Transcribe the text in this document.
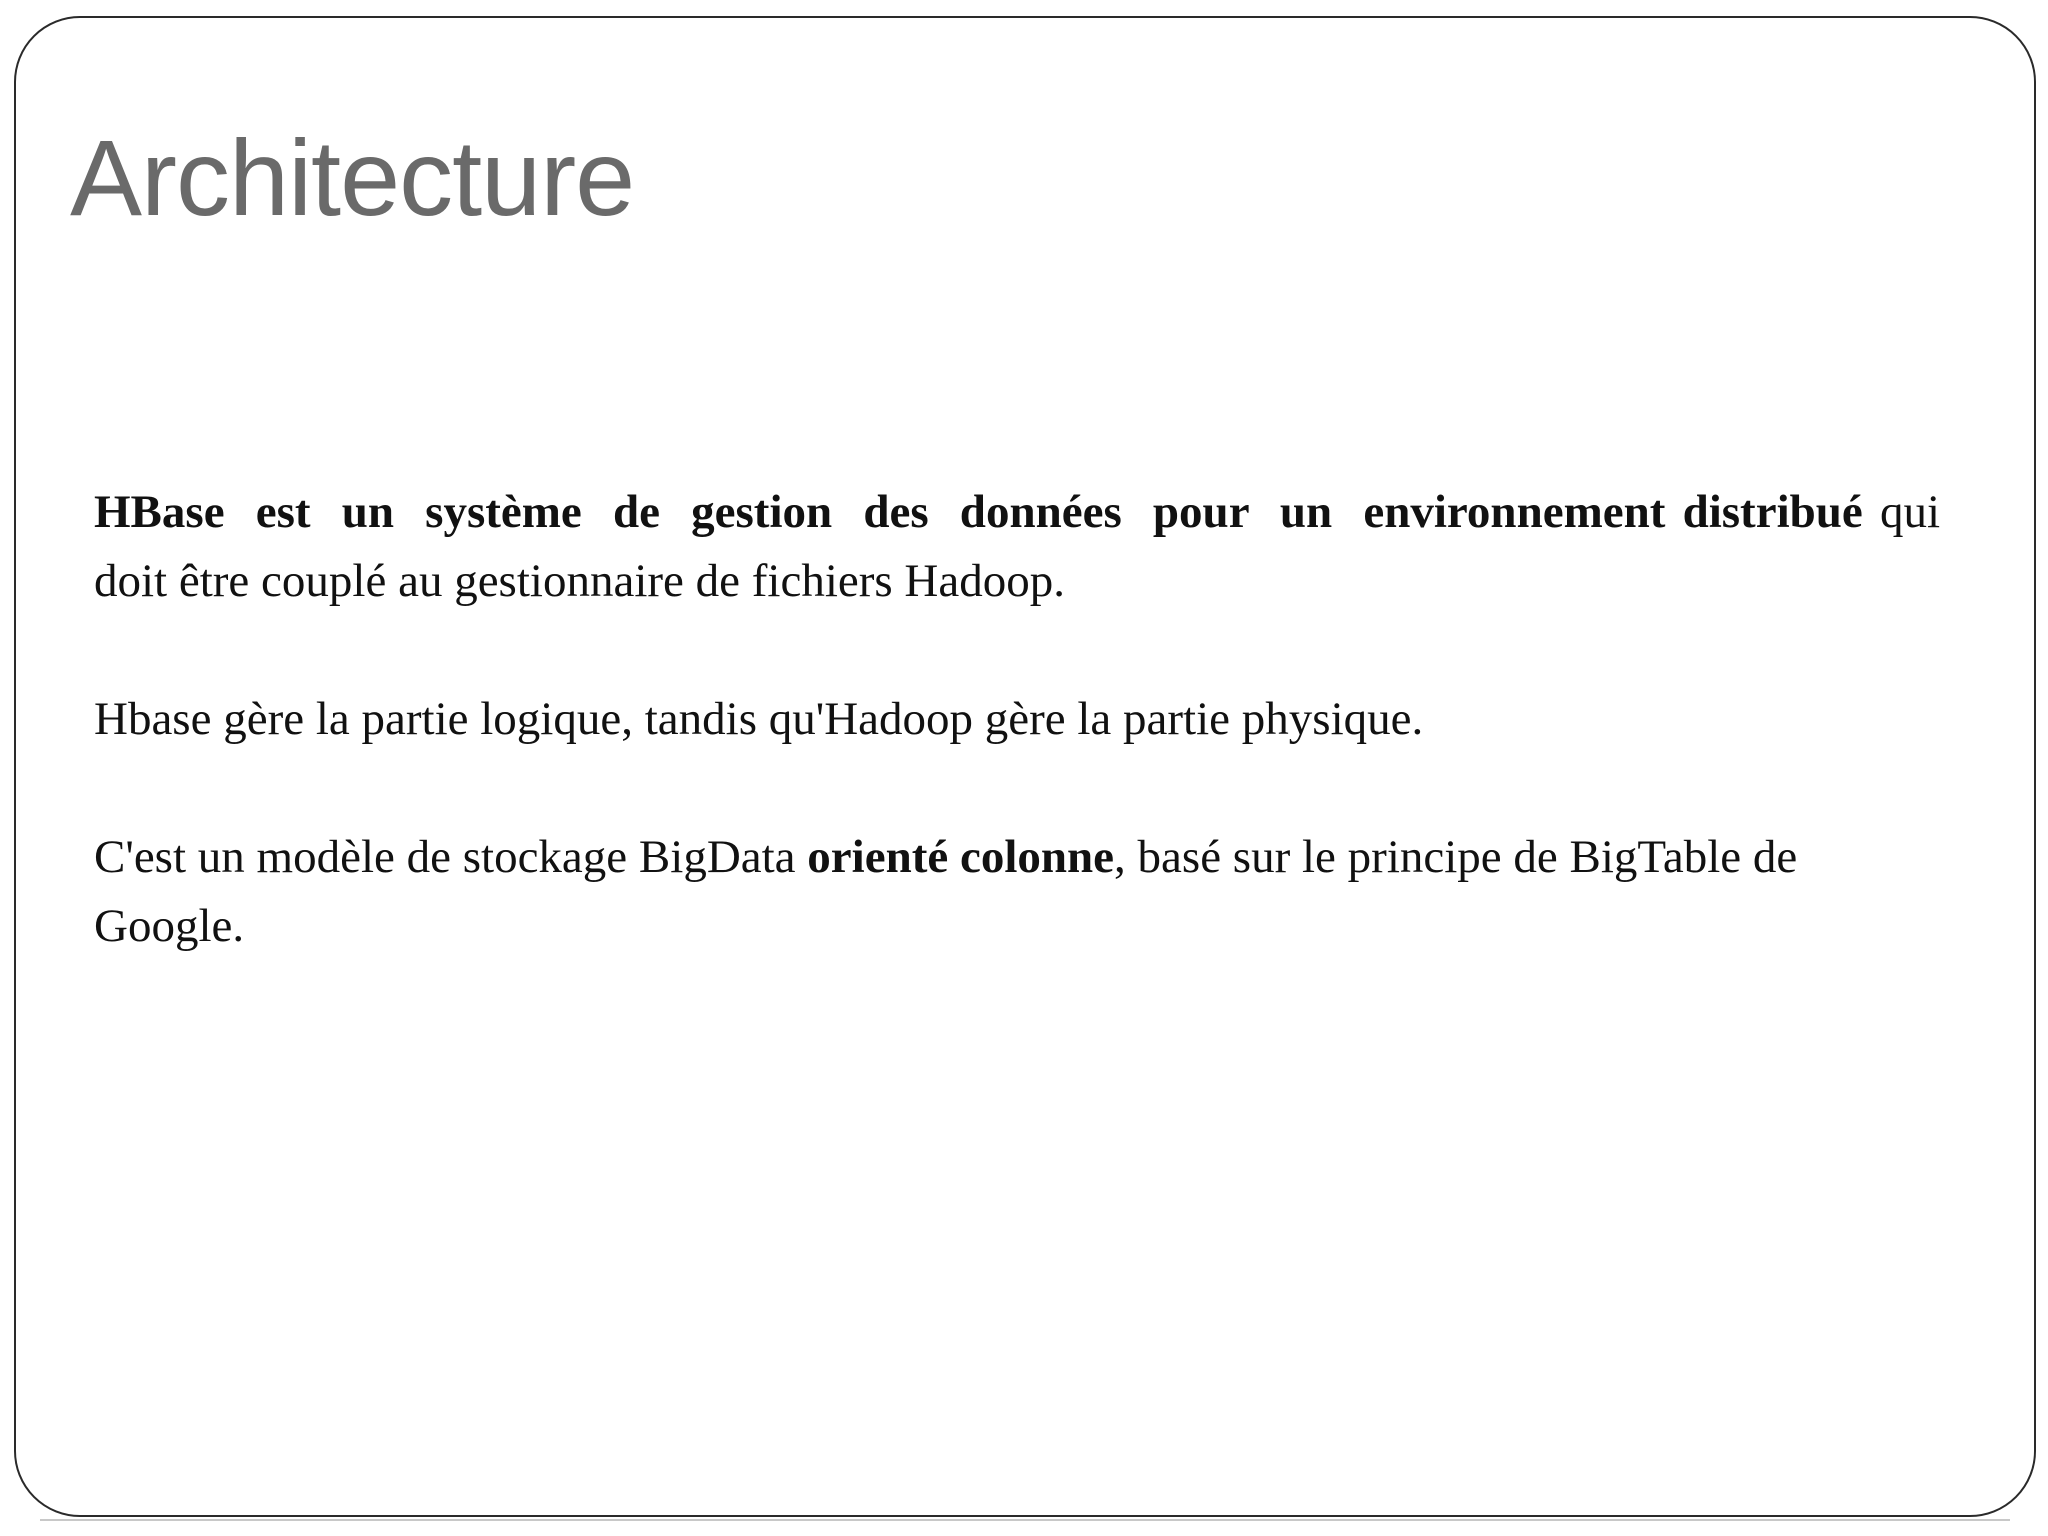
Architecture

HBase est un système de gestion des données pour un environnement distribué qui doit être couplé au gestionnaire de fichiers Hadoop.

Hbase gère la partie logique, tandis qu'Hadoop gère la partie physique.

C'est un modèle de stockage BigData orienté colonne, basé sur le principe de BigTable de Google.
